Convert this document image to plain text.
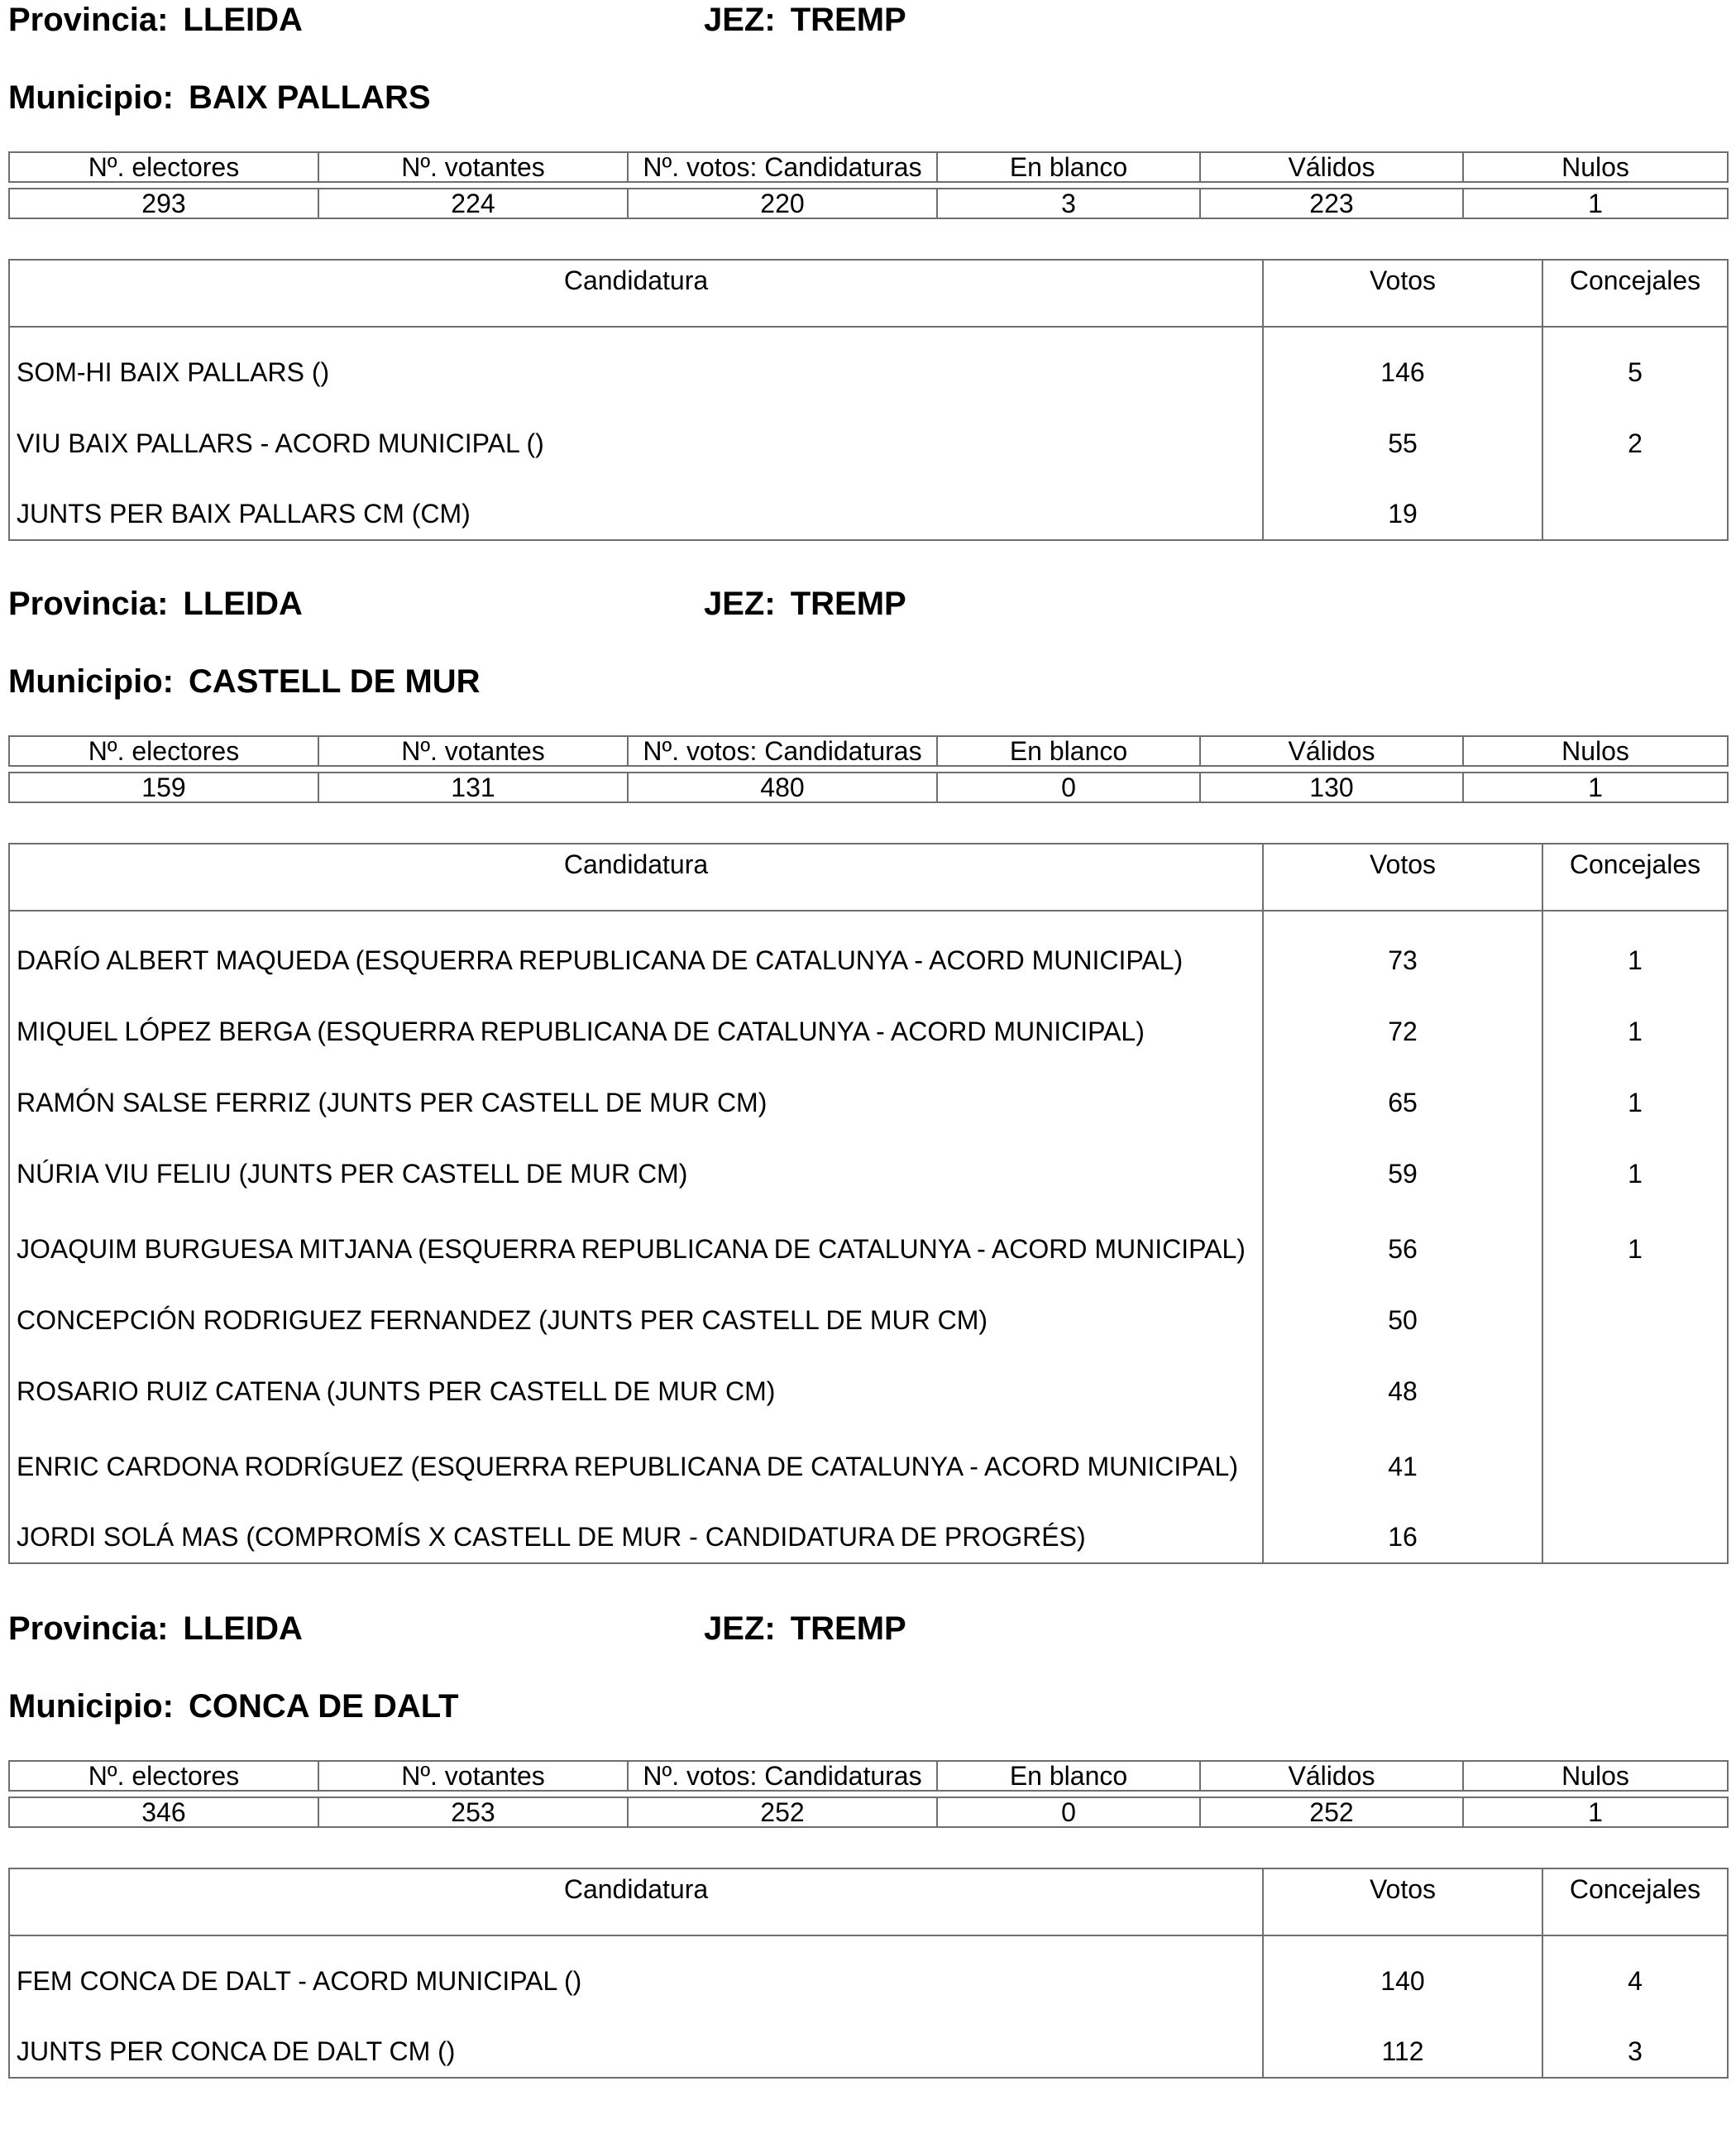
Provincia: LLEIDA	JEZ: TREMP
Municipio: BAIX PALLARS
Nº. electores	Nº. votantes	Nº. votos: Candidaturas	En blanco	Válidos	Nulos
293	224	220	3	223	1
Candidatura	Votos	Concejales
SOM-HI BAIX PALLARS ()	146	5
VIU BAIX PALLARS - ACORD MUNICIPAL ()	55	2
JUNTS PER BAIX PALLARS CM (CM)	19	
Provincia: LLEIDA	JEZ: TREMP
Municipio: CASTELL DE MUR
Nº. electores	Nº. votantes	Nº. votos: Candidaturas	En blanco	Válidos	Nulos
159	131	480	0	130	1
Candidatura	Votos	Concejales
DARÍO ALBERT MAQUEDA (ESQUERRA REPUBLICANA DE CATALUNYA - ACORD MUNICIPAL)	73	1
MIQUEL LÓPEZ BERGA (ESQUERRA REPUBLICANA DE CATALUNYA - ACORD MUNICIPAL)	72	1
RAMÓN SALSE FERRIZ (JUNTS PER CASTELL DE MUR CM)	65	1
NÚRIA VIU FELIU (JUNTS PER CASTELL DE MUR CM)	59	1
JOAQUIM BURGUESA MITJANA (ESQUERRA REPUBLICANA DE CATALUNYA - ACORD MUNICIPAL)	56	1
CONCEPCIÓN RODRIGUEZ FERNANDEZ (JUNTS PER CASTELL DE MUR CM)	50	
ROSARIO RUIZ CATENA (JUNTS PER CASTELL DE MUR CM)	48	
ENRIC CARDONA RODRÍGUEZ (ESQUERRA REPUBLICANA DE CATALUNYA - ACORD MUNICIPAL)	41	
JORDI SOLÁ MAS (COMPROMÍS X CASTELL DE MUR - CANDIDATURA DE PROGRÉS)	16	
Provincia: LLEIDA	JEZ: TREMP
Municipio: CONCA DE DALT
Nº. electores	Nº. votantes	Nº. votos: Candidaturas	En blanco	Válidos	Nulos
346	253	252	0	252	1
Candidatura	Votos	Concejales
FEM CONCA DE DALT - ACORD MUNICIPAL ()	140	4
JUNTS PER CONCA DE DALT CM ()	112	3
